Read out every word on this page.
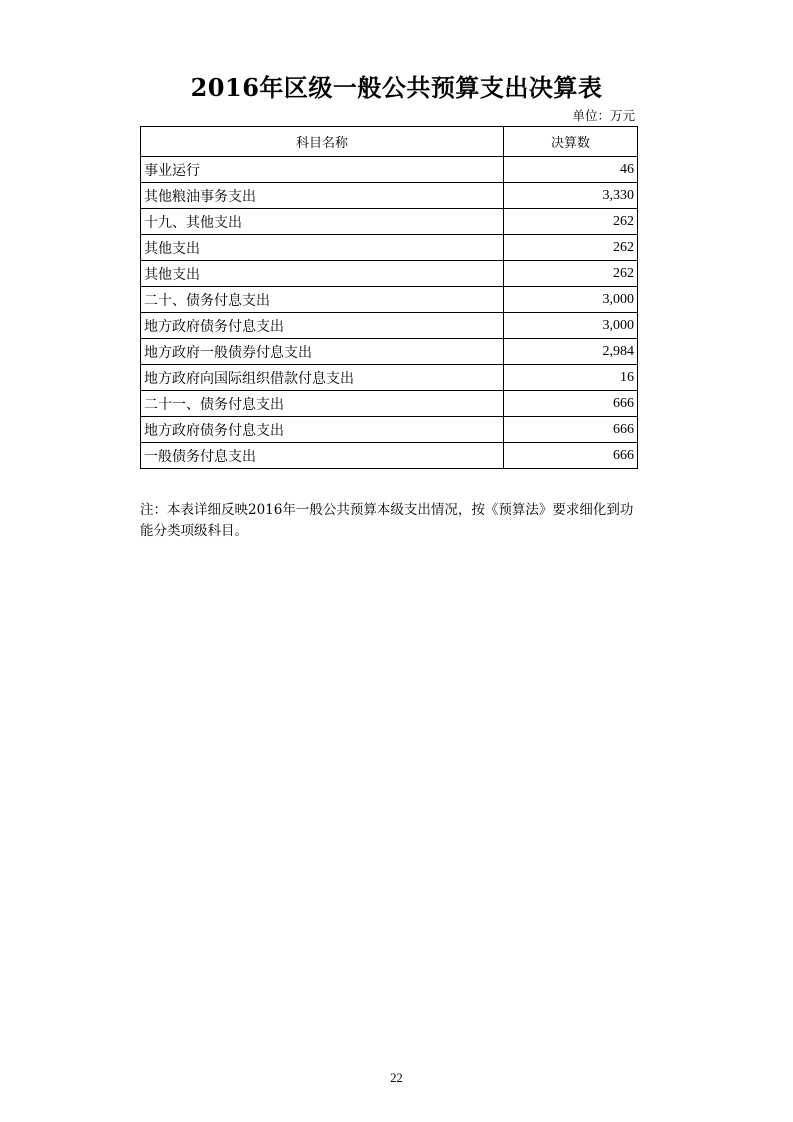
2016年区级一般公共预算支出决算表
单位：万元
科目名称	决算数
事业运行	46
其他粮油事务支出	3,330
十九、其他支出	262
其他支出	262
其他支出	262
二十、债务付息支出	3,000
地方政府债务付息支出	3,000
地方政府一般债券付息支出	2,984
地方政府向国际组织借款付息支出	16
二十一、债务付息支出	666
地方政府债务付息支出	666
一般债务付息支出	666
注：本表详细反映2016年一般公共预算本级支出情况，按《预算法》要求细化到功能分类项级科目。
22
